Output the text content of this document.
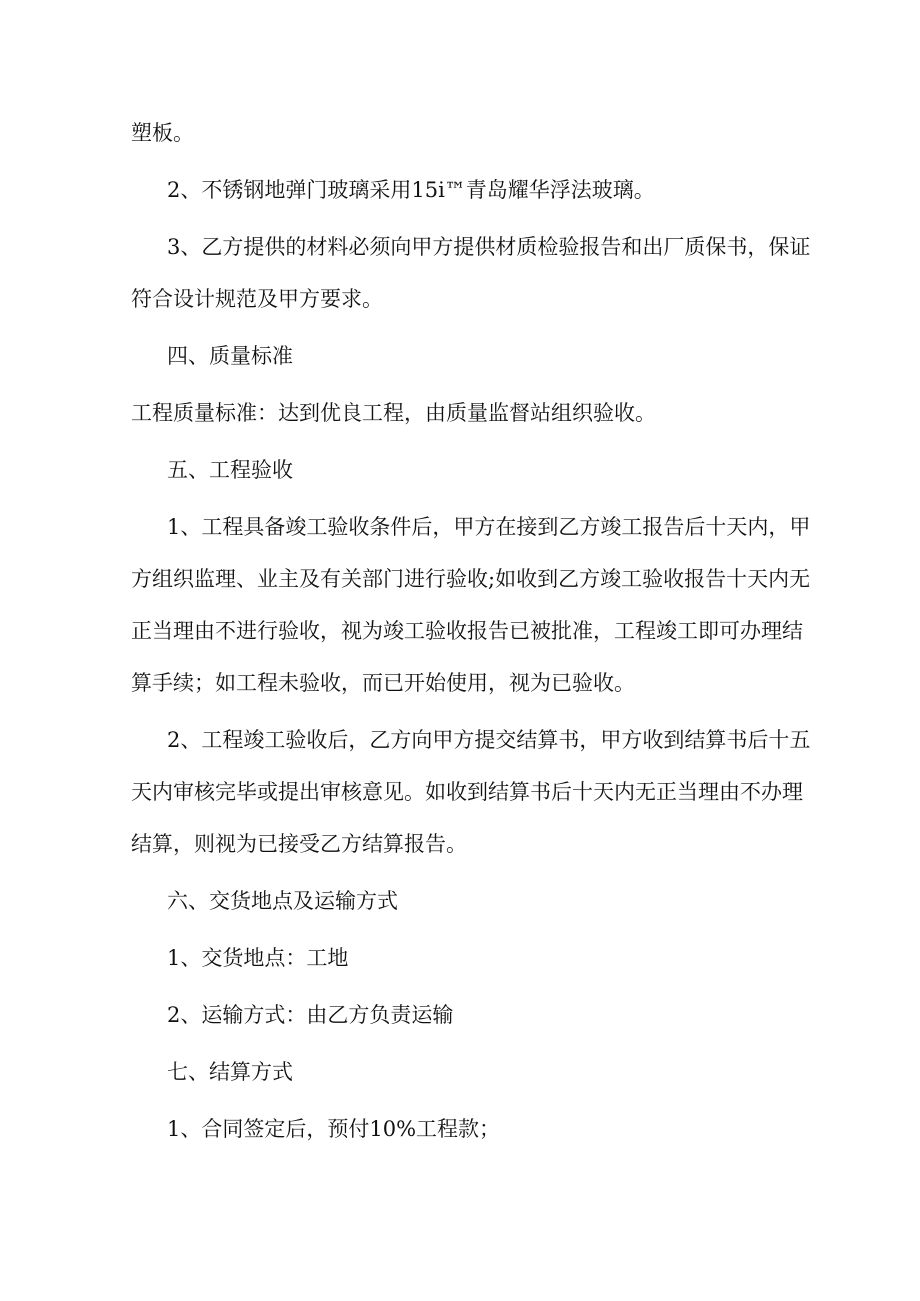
塑板。

2、不锈钢地弹门玻璃采用15i™青岛耀华浮法玻璃。

3、乙方提供的材料必须向甲方提供材质检验报告和出厂质保书，保证符合设计规范及甲方要求。

四、质量标准

工程质量标准：达到优良工程，由质量监督站组织验收。

五、工程验收

1、工程具备竣工验收条件后，甲方在接到乙方竣工报告后十天内，甲方组织监理、业主及有关部门进行验收;如收到乙方竣工验收报告十天内无正当理由不进行验收，视为竣工验收报告已被批准，工程竣工即可办理结算手续；如工程未验收，而已开始使用，视为已验收。

2、工程竣工验收后，乙方向甲方提交结算书，甲方收到结算书后十五天内审核完毕或提出审核意见。如收到结算书后十天内无正当理由不办理结算，则视为已接受乙方结算报告。

六、交货地点及运输方式

1、交货地点：工地

2、运输方式：由乙方负责运输

七、结算方式

1、合同签定后，预付10%工程款；
